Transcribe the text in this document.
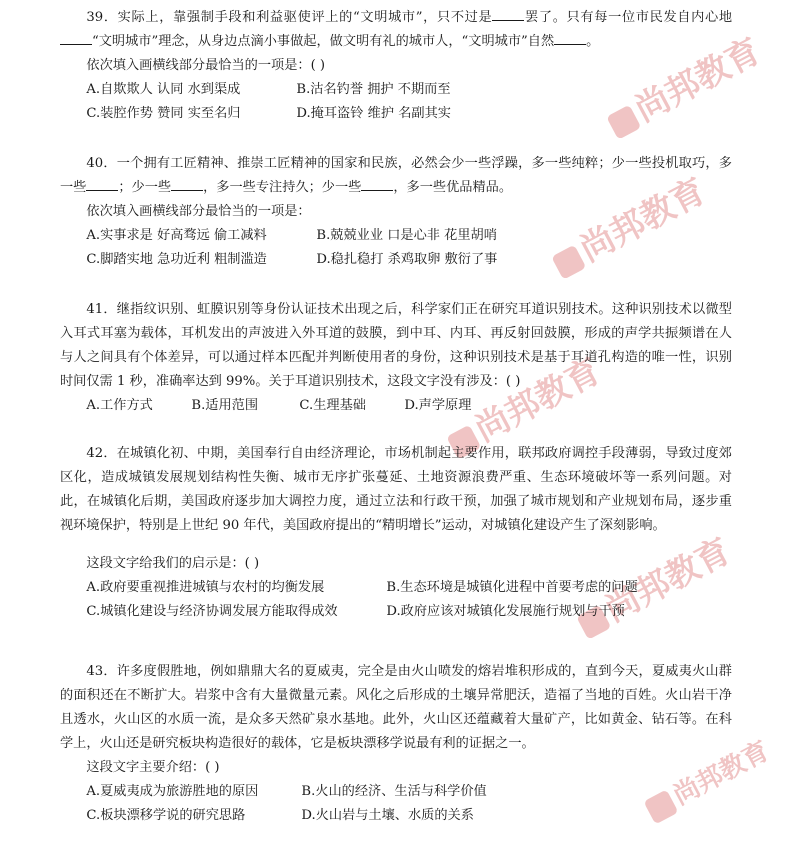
尚邦教育
尚邦教育
尚邦教育
尚邦教育
尚邦教育

39．实际上，靠强制手段和利益驱使评上的“文明城市”，只不过是 罢了。只有每一位市民发自内心地“文明城市”理念，从身边点滴小事做起，做文明有礼的城市人，“文明城市”自然 。

依次填入画横线部分最恰当的一项是：( )

A.自欺欺人 认同 水到渠成	B.沽名钓誉 拥护 不期而至
C.装腔作势 赞同 实至名归	D.掩耳盗铃 维护 名副其实

40．一个拥有工匠精神、推崇工匠精神的国家和民族，必然会少一些浮躁，多一些纯粹；少一些投机取巧，多一些 ；少一些 ，多一些专注持久；少一些 ，多一些优品精品。

依次填入画横线部分最恰当的一项是：

A.实事求是 好高骛远 偷工减料	B.兢兢业业 口是心非 花里胡哨
C.脚踏实地 急功近利 粗制滥造	D.稳扎稳打 杀鸡取卵 敷衍了事

41．继指纹识别、虹膜识别等身份认证技术出现之后，科学家们正在研究耳道识别技术。这种识别技术以微型入耳式耳塞为载体，耳机发出的声波进入外耳道的鼓膜，到中耳、内耳、再反射回鼓膜，形成的声学共振频谱在人与人之间具有个体差异，可以通过样本匹配并判断使用者的身份，这种识别技术是基于耳道孔构造的唯一性，识别时间仅需 1 秒，准确率达到 99%。关于耳道识别技术，这段文字没有涉及：( )

A.工作方式	B.适用范围	C.生理基础	D.声学原理

42．在城镇化初、中期，美国奉行自由经济理论，市场机制起主要作用，联邦政府调控手段薄弱，导致过度郊区化，造成城镇发展规划结构性失衡、城市无序扩张蔓延、土地资源浪费严重、生态环境破坏等一系列问题。对此，在城镇化后期，美国政府逐步加大调控力度，通过立法和行政干预，加强了城市规划和产业规划布局，逐步重视环境保护，特别是上世纪 90 年代，美国政府提出的“精明增长”运动，对城镇化建设产生了深刻影响。

这段文字给我们的启示是：( )

A.政府要重视推进城镇与农村的均衡发展	B.生态环境是城镇化进程中首要考虑的问题
C.城镇化建设与经济协调发展方能取得成效	D.政府应该对城镇化发展施行规划与干预

43．许多度假胜地，例如鼎鼎大名的夏威夷，完全是由火山喷发的熔岩堆积形成的，直到今天，夏威夷火山群的面积还在不断扩大。岩浆中含有大量微量元素。风化之后形成的土壤异常肥沃，造福了当地的百姓。火山岩干净且透水，火山区的水质一流，是众多天然矿泉水基地。此外，火山区还蕴藏着大量矿产，比如黄金、钻石等。在科学上，火山还是研究板块构造很好的载体，它是板块漂移学说最有利的证据之一。

这段文字主要介绍：( )

A.夏威夷成为旅游胜地的原因	B.火山的经济、生活与科学价值
C.板块漂移学说的研究思路	D.火山岩与土壤、水质的关系
